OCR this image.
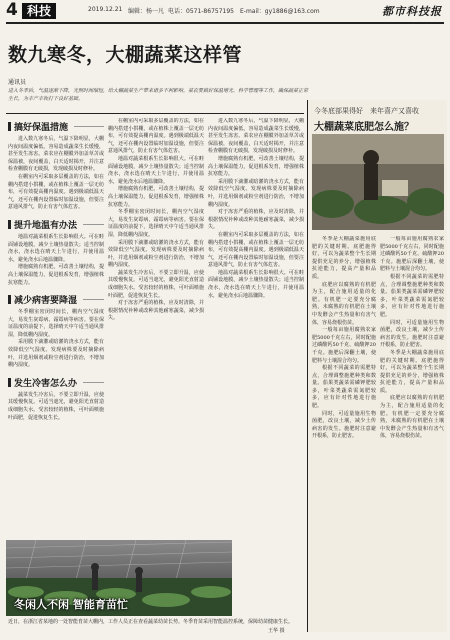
4 科技	2019.12.21 编辑：杨一凡 电话：0571-86757195 E-mail：gy1886@163.com	都市科技报
数九寒冬，大棚蔬菜这样管
通讯员
进入冬季后，气温逐渐下降，光照时间缩短，给大棚蔬菜生产带来诸多不利影响。菜农要做好保温增光、科学管理等工作，确保蔬菜正常生长，为丰产丰收打下良好基础。
搞好保温措施

进入数九寒冬后，气温下降明显，大棚内夜间温度偏低，容易造成蔬菜生长缓慢，甚至发生冻害。菜农应在棚膜外加盖草苫或保温被，夜间覆盖，白天适时揭开，并注意检查棚膜有无破损，发现破损及时修补。

在棚室内可采取多层覆盖的方法，如在棚内搭建小拱棚，或在植株上覆盖一层无纺布，可有效提高棚内温度。遇到极端低温天气，还可在棚内设置临时加温设施，但要注意通风排气，防止有害气体危害。

提升地温有办法

地温对蔬菜根系生长影响很大。可在畦面铺设地膜，减少土壤热量散失；适当控制浇水，浇水选在晴天上午进行，并使用温水，避免浇水后地温骤降。

增施腐熟有机肥，可改善土壤结构，提高土壤保温能力，促进根系发育，增强植株抗寒能力。

减少病害要降湿

冬季棚室密闭时间长，棚内空气湿度大，易发生灰霉病、霜霉病等病害。要在保证温度的前提下，选择晴天中午适当通风排湿，降低棚内湿度。

采用膜下滴灌或暗灌的浇水方式，能有效降低空气湿度。发现病株要及时摘除病叶，并选用烟剂或粉尘剂进行防治，不增加棚内湿度。

发生冷害怎么办

蔬菜发生冷害后，不要立即升温，应使其缓慢恢复。可适当遮光，避免阳光直射造成细胞失水。受害较轻的植株，可叶面喷施叶面肥，促进恢复生长。

在棚室内可采取多层覆盖的方法，如在棚内搭建小拱棚，或在植株上覆盖一层无纺布，可有效提高棚内温度。遇到极端低温天气，还可在棚内设置临时加温设施，但要注意通风排气，防止有害气体危害。

地温对蔬菜根系生长影响很大。可在畦面铺设地膜，减少土壤热量散失；适当控制浇水，浇水选在晴天上午进行，并使用温水，避免浇水后地温骤降。

增施腐熟有机肥，可改善土壤结构，提高土壤保温能力，促进根系发育，增强植株抗寒能力。

冬季棚室密闭时间长，棚内空气湿度大，易发生灰霉病、霜霉病等病害。要在保证温度的前提下，选择晴天中午适当通风排湿，降低棚内湿度。

采用膜下滴灌或暗灌的浇水方式，能有效降低空气湿度。发现病株要及时摘除病叶，并选用烟剂或粉尘剂进行防治，不增加棚内湿度。

蔬菜发生冷害后，不要立即升温，应使其缓慢恢复。可适当遮光，避免阳光直射造成细胞失水。受害较轻的植株，可叶面喷施叶面肥，促进恢复生长。

对于冻害严重的植株，应及时清除，并根据情况补种或改种其他耐寒蔬菜，减少损失。

进入数九寒冬后，气温下降明显，大棚内夜间温度偏低，容易造成蔬菜生长缓慢，甚至发生冻害。菜农应在棚膜外加盖草苫或保温被，夜间覆盖，白天适时揭开，并注意检查棚膜有无破损，发现破损及时修补。

增施腐熟有机肥，可改善土壤结构，提高土壤保温能力，促进根系发育，增强植株抗寒能力。

采用膜下滴灌或暗灌的浇水方式，能有效降低空气湿度。发现病株要及时摘除病叶，并选用烟剂或粉尘剂进行防治，不增加棚内湿度。

对于冻害严重的植株，应及时清除，并根据情况补种或改种其他耐寒蔬菜，减少损失。

在棚室内可采取多层覆盖的方法，如在棚内搭建小拱棚，或在植株上覆盖一层无纺布，可有效提高棚内温度。遇到极端低温天气，还可在棚内设置临时加温设施，但要注意通风排气，防止有害气体危害。

地温对蔬菜根系生长影响很大。可在畦面铺设地膜，减少土壤热量散失；适当控制浇水，浇水选在晴天上午进行，并使用温水，避免浇水后地温骤降。

冬闲人不闲 智能育苗忙
近日，在浙江省某地的一处智能育苗大棚内，工作人员正在查看蔬菜幼苗长势。冬季育苗采用智能温控系统，保障幼苗健康生长。
王华 摄
今冬底部果得好　来年喜产又喜收
大棚蔬菜底肥怎么施？

冬季是大棚蔬菜施用底肥的关键时期。底肥施得好，可以为蔬菜整个生长期提供充足的养分，增强植株抗逆能力，提高产量和品质。

底肥应以腐熟的有机肥为主，配合施用适量的化肥。有机肥一定要充分腐熟，未腐熟的有机肥在土壤中发酵会产生热量和有害气体，容易烧根伤苗。

一般每亩施用腐熟农家肥5000千克左右，同时配施过磷酸钙50千克、硫酸钾20千克。施肥后深翻土壤，使肥料与土壤混合均匀。

根据不同蔬菜的需肥特点，合理调整施肥种类和数量。茄果类蔬菜需磷钾肥较多，叶菜类蔬菜需氮肥较多，应有针对性地进行施肥。

同时，可适量施用生物菌肥，改良土壤，减少土传病害的发生。施肥时注意避开根系，防止肥害。

一般每亩施用腐熟农家肥5000千克左右，同时配施过磷酸钙50千克、硫酸钾20千克。施肥后深翻土壤，使肥料与土壤混合均匀。

根据不同蔬菜的需肥特点，合理调整施肥种类和数量。茄果类蔬菜需磷钾肥较多，叶菜类蔬菜需氮肥较多，应有针对性地进行施肥。

同时，可适量施用生物菌肥，改良土壤，减少土传病害的发生。施肥时注意避开根系，防止肥害。

冬季是大棚蔬菜施用底肥的关键时期。底肥施得好，可以为蔬菜整个生长期提供充足的养分，增强植株抗逆能力，提高产量和品质。

底肥应以腐熟的有机肥为主，配合施用适量的化肥。有机肥一定要充分腐熟，未腐熟的有机肥在土壤中发酵会产生热量和有害气体，容易烧根伤苗。
